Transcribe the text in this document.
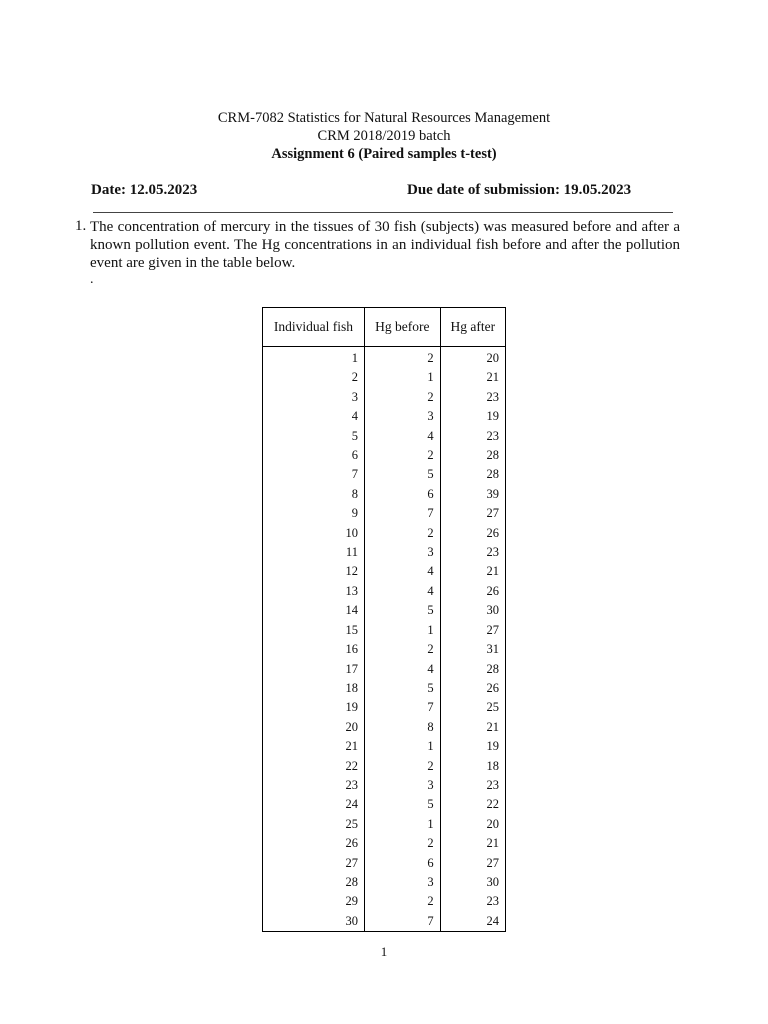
CRM-7082 Statistics for Natural Resources Management
CRM 2018/2019 batch
Assignment 6 (Paired samples t-test)
Date: 12.05.2023	Due date of submission: 19.05.2023
1. The concentration of mercury in the tissues of 30 fish (subjects) was measured before and after a known pollution event. The Hg concentrations in an individual fish before and after the pollution event are given in the table below.
.
Individual fish	Hg before	Hg after
1	2	20
2	1	21
3	2	23
4	3	19
5	4	23
6	2	28
7	5	28
8	6	39
9	7	27
10	2	26
11	3	23
12	4	21
13	4	26
14	5	30
15	1	27
16	2	31
17	4	28
18	5	26
19	7	25
20	8	21
21	1	19
22	2	18
23	3	23
24	5	22
25	1	20
26	2	21
27	6	27
28	3	30
29	2	23
30	7	24
1
